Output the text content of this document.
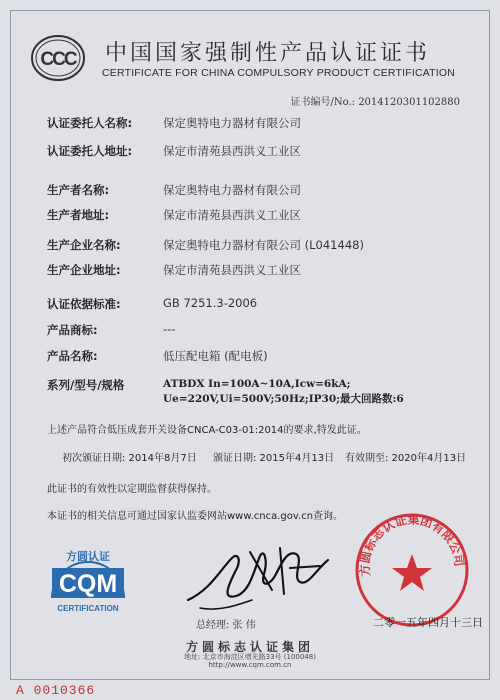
CCC 中国国家强制性产品认证证书
CERTIFICATE FOR CHINA COMPULSORY PRODUCT CERTIFICATION
证书编号/No.: 2014120301102880
认证委托人名称:	保定奥特电力器材有限公司
认证委托人地址:	保定市清苑县西洪义工业区
生产者名称:	保定奥特电力器材有限公司
生产者地址:	保定市清苑县西洪义工业区
生产企业名称:	保定奥特电力器材有限公司 (L041448)
生产企业地址:	保定市清苑县西洪义工业区
认证依据标准:	GB 7251.3-2006
产品商标:	---
产品名称:	低压配电箱 (配电板)
系列/型号/规格	ATBDX In=100A~10A,Icw=6kA; Ue=220V,Ui=500V;50Hz;IP30;最大回路数:6
上述产品符合低压成套开关设备CNCA-C03-01:2014的要求,特发此证。
初次颁证日期: 2014年8月7日 颁证日期: 2015年4月13日 有效期至: 2020年4月13日
此证书的有效性以定期监督获得保持。
本证书的相关信息可通过国家认监委网站www.cnca.gov.cn查询。
方圆认证
CQM
CERTIFICATION
方圆标志认证集团有限公司
总经理: 张 伟	二零一五年四月十三日
方圆标志认证集团
地址: 北京市海淀区增光路33号 (100048)
http://www.cqm.com.cn
A 0010366
